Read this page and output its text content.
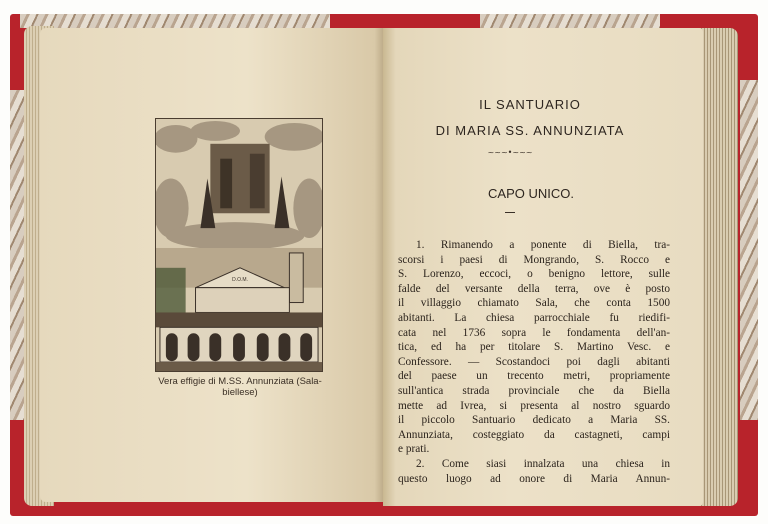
D.O.M.
Vera effigie di M.SS. Annunziata (Sala-biellese)
IL SANTUARIO
DI MARIA SS. ANNUNZIATA
~~~•~~~
CAPO UNICO.
1. Rimanendo a ponente di Biella, tra-
scorsi i paesi di Mongrando, S. Rocco e
S. Lorenzo, eccoci, o benigno lettore, sulle
falde del versante della terra, ove è posto
il villaggio chiamato Sala, che conta 1500
abitanti. La chiesa parrocchiale fu riedifi-
cata nel 1736 sopra le fondamenta dell'an-
tica, ed ha per titolare S. Martino Vesc. e
Confessore. — Scostandoci poi dagli abitanti
del paese un trecento metri, propriamente
sull'antica strada provinciale che da Biella
mette ad Ivrea, si presenta al nostro sguardo
il piccolo Santuario dedicato a Maria SS.
Annunziata, costeggiato da castagneti, campi
e prati.
2. Come siasi innalzata una chiesa in
questo luogo ad onore di Maria Annun-
